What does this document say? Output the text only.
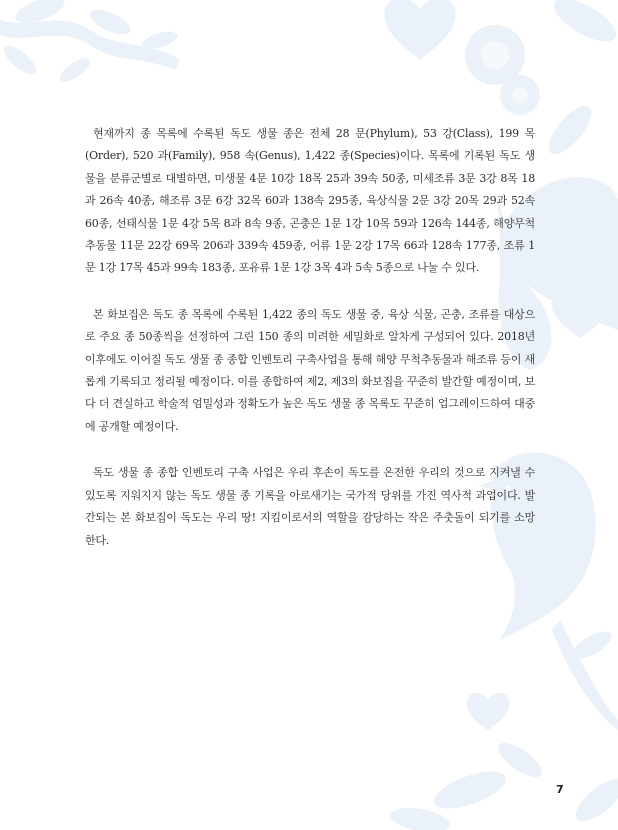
현재까지 종 목록에 수록된 독도 생물 종은 전체 28 문(Phylum), 53 강(Class), 199 목(Order), 520 과(Family), 958 속(Genus), 1,422 종(Species)이다. 목록에 기록된 독도 생물을 분류군별로 대별하면, 미생물 4문 10강 18목 25과 39속 50종, 미세조류 3문 3강 8목 18과 26속 40종, 해조류 3문 6강 32목 60과 138속 295종, 육상식물 2문 3강 20목 29과 52속 60종, 선태식물 1문 4강 5목 8과 8속 9종, 곤충은 1문 1강 10목 59과 126속 144종, 해양무척추동물 11문 22강 69목 206과 339속 459종, 어류 1문 2강 17목 66과 128속 177종, 조류 1문 1강 17목 45과 99속 183종, 포유류 1문 1강 3목 4과 5속 5종으로 나눌 수 있다.

본 화보집은 독도 종 목록에 수록된 1,422 종의 독도 생물 중, 육상 식물, 곤충, 조류를 대상으로 주요 종 50종씩을 선정하여 그린 150 종의 미려한 세밀화로 알차게 구성되어 있다. 2018년 이후에도 이어질 독도 생물 종 종합 인벤토리 구축사업을 통해 해양 무척추동물과 해조류 등이 새롭게 기록되고 정리될 예정이다. 이를 종합하여 제2, 제3의 화보집을 꾸준히 발간할 예정이며, 보다 더 견실하고 학술적 엄밀성과 정확도가 높은 독도 생물 종 목록도 꾸준히 업그레이드하여 대중에 공개할 예정이다.

독도 생물 종 종합 인벤토리 구축 사업은 우리 후손이 독도를 온전한 우리의 것으로 지켜낼 수 있도록 지워지지 않는 독도 생물 종 기록을 아로새기는 국가적 당위를 가진 역사적 과업이다. 발간되는 본 화보집이 독도는 우리 땅! 지킴이로서의 역할을 감당하는 작은 주춧돌이 되기를 소망한다.

7
